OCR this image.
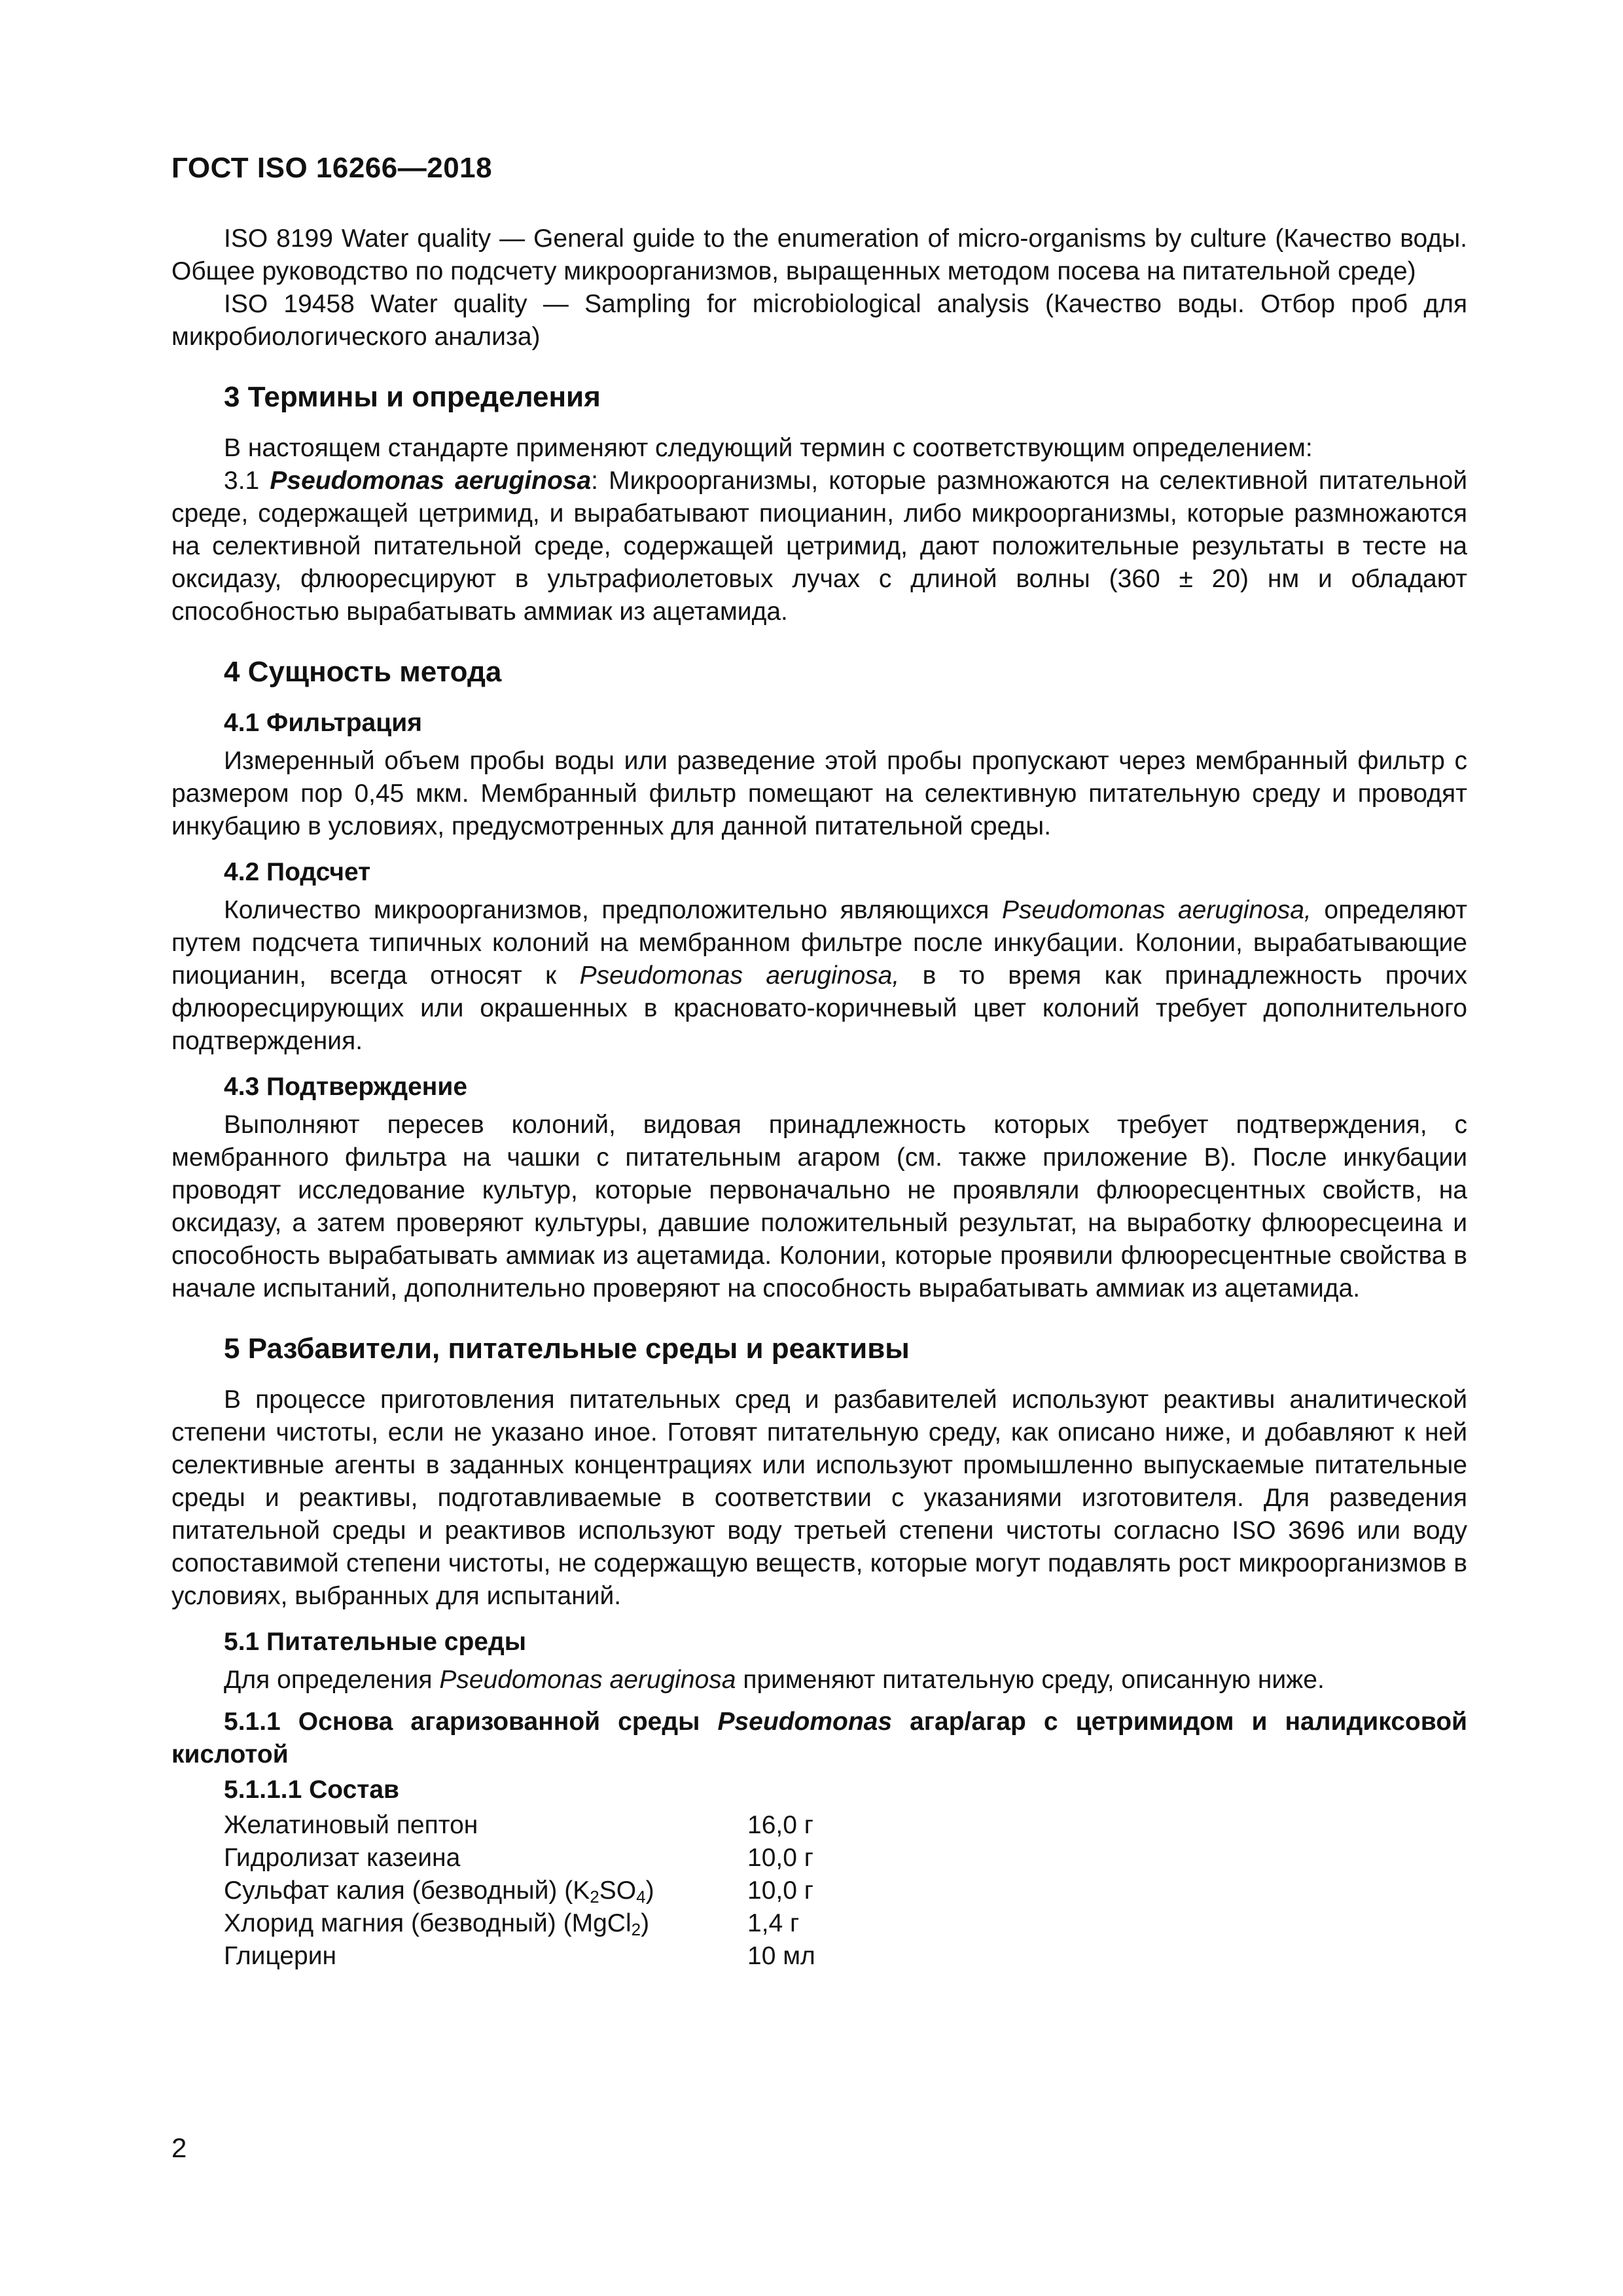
ГОСТ ISO 16266—2018

ISO 8199 Water quality — General guide to the enumeration of micro-organisms by culture (Качество воды. Общее руководство по подсчету микроорганизмов, выращенных методом посева на питательной среде)

ISO 19458 Water quality — Sampling for microbiological analysis (Качество воды. Отбор проб для микробиологического анализа)

3 Термины и определения

В настоящем стандарте применяют следующий термин с соответствующим определением:

3.1 Pseudomonas aeruginosa: Микроорганизмы, которые размножаются на селективной питательной среде, содержащей цетримид, и вырабатывают пиоцианин, либо микроорганизмы, которые размножаются на селективной питательной среде, содержащей цетримид, дают положительные результаты в тесте на оксидазу, флюоресцируют в ультрафиолетовых лучах с длиной волны (360 ± 20) нм и обладают способностью вырабатывать аммиак из ацетамида.

4 Сущность метода
4.1 Фильтрация

Измеренный объем пробы воды или разведение этой пробы пропускают через мембранный фильтр с размером пор 0,45 мкм. Мембранный фильтр помещают на селективную питательную среду и проводят инкубацию в условиях, предусмотренных для данной питательной среды.

4.2 Подсчет

Количество микроорганизмов, предположительно являющихся Pseudomonas aeruginosa, определяют путем подсчета типичных колоний на мембранном фильтре после инкубации. Колонии, вырабатывающие пиоцианин, всегда относят к Pseudomonas aeruginosa, в то время как принадлежность прочих флюоресцирующих или окрашенных в красновато-коричневый цвет колоний требует дополнительного подтверждения.

4.3 Подтверждение

Выполняют пересев колоний, видовая принадлежность которых требует подтверждения, с мембранного фильтра на чашки с питательным агаром (см. также приложение В). После инкубации проводят исследование культур, которые первоначально не проявляли флюоресцентных свойств, на оксидазу, а затем проверяют культуры, давшие положительный результат, на выработку флюоресцеина и способность вырабатывать аммиак из ацетамида. Колонии, которые проявили флюоресцентные свойства в начале испытаний, дополнительно проверяют на способность вырабатывать аммиак из ацетамида.

5 Разбавители, питательные среды и реактивы

В процессе приготовления питательных сред и разбавителей используют реактивы аналитической степени чистоты, если не указано иное. Готовят питательную среду, как описано ниже, и добавляют к ней селективные агенты в заданных концентрациях или используют промышленно выпускаемые питательные среды и реактивы, подготавливаемые в соответствии с указаниями изготовителя. Для разведения питательной среды и реактивов используют воду третьей степени чистоты согласно ISO 3696 или воду сопоставимой степени чистоты, не содержащую веществ, которые могут подавлять рост микроорганизмов в условиях, выбранных для испытаний.

5.1 Питательные среды

Для определения Pseudomonas aeruginosa применяют питательную среду, описанную ниже.

5.1.1 Основа агаризованной среды Pseudomonas агар/агар с цетримидом и налидиксовой кислотой
5.1.1.1 Состав
Желатиновый пептон	16,0 г
Гидролизат казеина	10,0 г
Сульфат калия (безводный) $(K_2SO_4)$	10,0 г
Хлорид магния (безводный) (MgCl$_2$)	1,4 г
Глицерин	10 мл
2
